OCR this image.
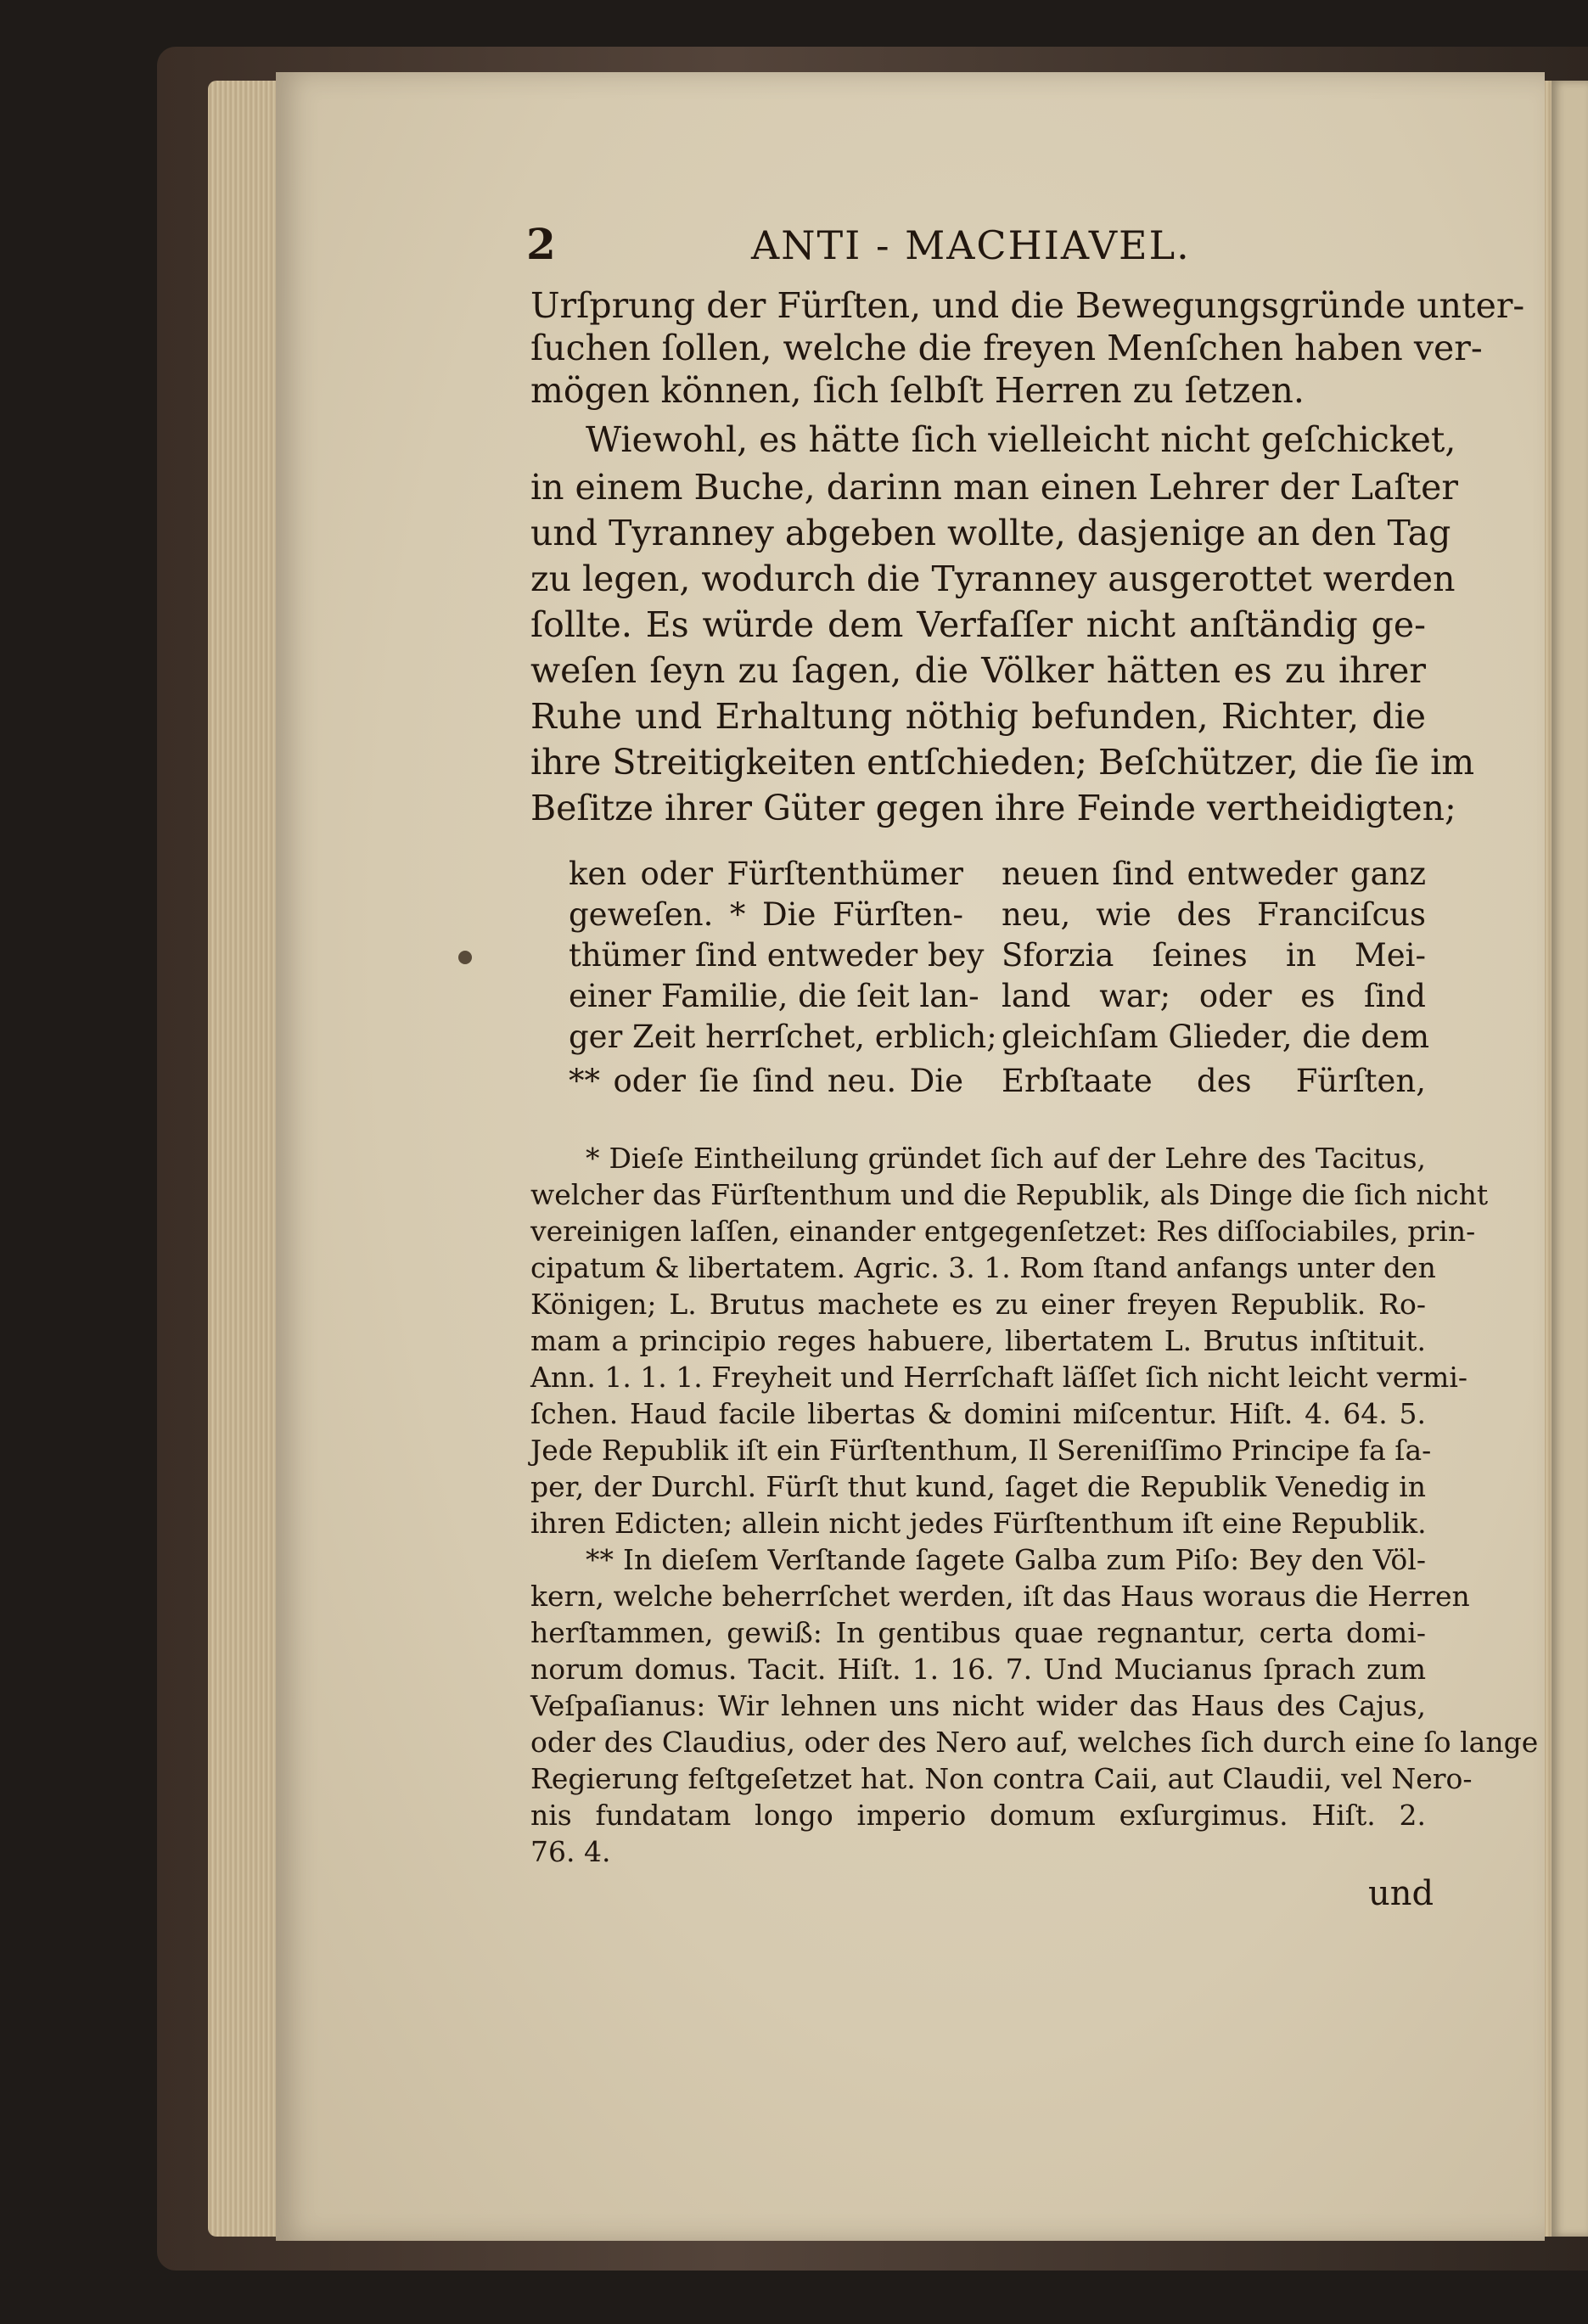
2	ANTI - MACHIAVEL.
Urſprung der Fürſten, und die Bewegungsgründe unter-
ſuchen ſollen, welche die freyen Menſchen haben ver-
mögen können, ſich ſelbſt Herren zu ſetzen.
Wiewohl, es hätte ſich vielleicht nicht geſchicket,
in einem Buche, darinn man einen Lehrer der Laſter
und Tyranney abgeben wollte, dasjenige an den Tag
zu legen, wodurch die Tyranney ausgerottet werden
ſollte. Es würde dem Verfaſſer nicht anſtändig ge-
weſen ſeyn zu ſagen, die Völker hätten es zu ihrer
Ruhe und Erhaltung nöthig befunden, Richter, die
ihre Streitigkeiten entſchieden; Beſchützer, die ſie im
Beſitze ihrer Güter gegen ihre Feinde vertheidigten;
ken oder Fürſtenthümer
geweſen. * Die Fürſten-
thümer ſind entweder bey
einer Familie, die ſeit lan-
ger Zeit herrſchet, erblich;
** oder ſie ſind neu. Die
neuen ſind entweder ganz
neu, wie des Franciſcus
Sforzia ſeines in Mei-
land war; oder es ſind
gleichſam Glieder, die dem
Erbſtaate des Fürſten,
* Dieſe Eintheilung gründet ſich auf der Lehre des Tacitus,
welcher das Fürſtenthum und die Republik, als Dinge die ſich nicht
vereinigen laſſen, einander entgegenſetzet: Res diſſociabiles, prin-
cipatum & libertatem. Agric. 3. 1. Rom ſtand anfangs unter den
Königen; L. Brutus machete es zu einer freyen Republik. Ro-
mam a principio reges habuere, libertatem L. Brutus inſtituit.
Ann. 1. 1. 1. Freyheit und Herrſchaft läſſet ſich nicht leicht vermi-
ſchen. Haud facile libertas & domini miſcentur. Hiſt. 4. 64. 5.
Jede Republik iſt ein Fürſtenthum, Il Sereniſſimo Principe fa ſa-
per, der Durchl. Fürſt thut kund, ſaget die Republik Venedig in
ihren Edicten; allein nicht jedes Fürſtenthum iſt eine Republik.
** In dieſem Verſtande ſagete Galba zum Piſo: Bey den Völ-
kern, welche beherrſchet werden, iſt das Haus woraus die Herren
herſtammen, gewiß: In gentibus quae regnantur, certa domi-
norum domus. Tacit. Hiſt. 1. 16. 7. Und Mucianus ſprach zum
Veſpaſianus: Wir lehnen uns nicht wider das Haus des Cajus,
oder des Claudius, oder des Nero auf, welches ſich durch eine ſo lange
Regierung feſtgeſetzet hat. Non contra Caii, aut Claudii, vel Nero-
nis fundatam longo imperio domum exſurgimus. Hiſt. 2.
76. 4.
und
